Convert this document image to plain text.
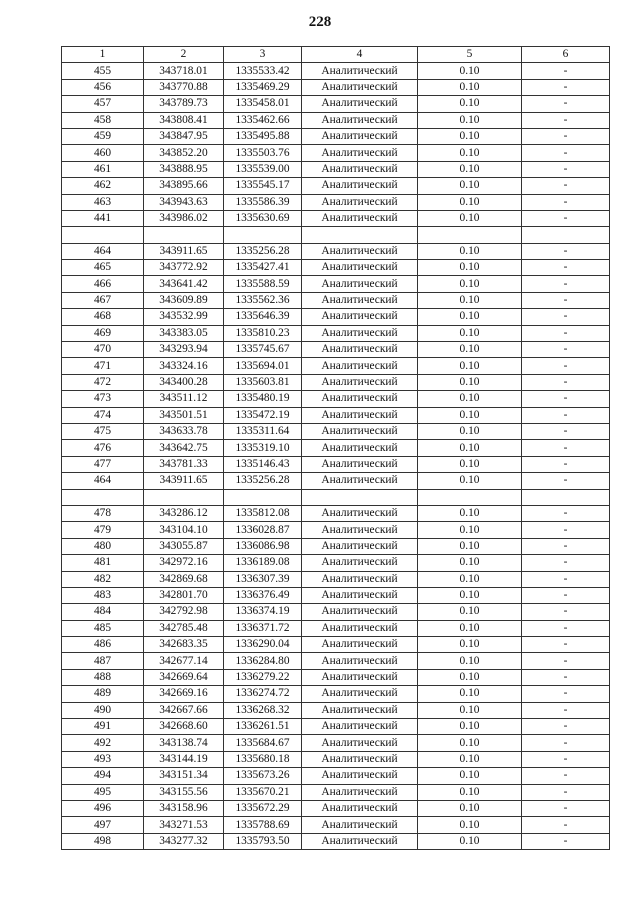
228
1	2	3	4	5	6
455	343718.01	1335533.42	Аналитический	0.10	-
456	343770.88	1335469.29	Аналитический	0.10	-
457	343789.73	1335458.01	Аналитический	0.10	-
458	343808.41	1335462.66	Аналитический	0.10	-
459	343847.95	1335495.88	Аналитический	0.10	-
460	343852.20	1335503.76	Аналитический	0.10	-
461	343888.95	1335539.00	Аналитический	0.10	-
462	343895.66	1335545.17	Аналитический	0.10	-
463	343943.63	1335586.39	Аналитический	0.10	-
441	343986.02	1335630.69	Аналитический	0.10	-

464	343911.65	1335256.28	Аналитический	0.10	-
465	343772.92	1335427.41	Аналитический	0.10	-
466	343641.42	1335588.59	Аналитический	0.10	-
467	343609.89	1335562.36	Аналитический	0.10	-
468	343532.99	1335646.39	Аналитический	0.10	-
469	343383.05	1335810.23	Аналитический	0.10	-
470	343293.94	1335745.67	Аналитический	0.10	-
471	343324.16	1335694.01	Аналитический	0.10	-
472	343400.28	1335603.81	Аналитический	0.10	-
473	343511.12	1335480.19	Аналитический	0.10	-
474	343501.51	1335472.19	Аналитический	0.10	-
475	343633.78	1335311.64	Аналитический	0.10	-
476	343642.75	1335319.10	Аналитический	0.10	-
477	343781.33	1335146.43	Аналитический	0.10	-
464	343911.65	1335256.28	Аналитический	0.10	-

478	343286.12	1335812.08	Аналитический	0.10	-
479	343104.10	1336028.87	Аналитический	0.10	-
480	343055.87	1336086.98	Аналитический	0.10	-
481	342972.16	1336189.08	Аналитический	0.10	-
482	342869.68	1336307.39	Аналитический	0.10	-
483	342801.70	1336376.49	Аналитический	0.10	-
484	342792.98	1336374.19	Аналитический	0.10	-
485	342785.48	1336371.72	Аналитический	0.10	-
486	342683.35	1336290.04	Аналитический	0.10	-
487	342677.14	1336284.80	Аналитический	0.10	-
488	342669.64	1336279.22	Аналитический	0.10	-
489	342669.16	1336274.72	Аналитический	0.10	-
490	342667.66	1336268.32	Аналитический	0.10	-
491	342668.60	1336261.51	Аналитический	0.10	-
492	343138.74	1335684.67	Аналитический	0.10	-
493	343144.19	1335680.18	Аналитический	0.10	-
494	343151.34	1335673.26	Аналитический	0.10	-
495	343155.56	1335670.21	Аналитический	0.10	-
496	343158.96	1335672.29	Аналитический	0.10	-
497	343271.53	1335788.69	Аналитический	0.10	-
498	343277.32	1335793.50	Аналитический	0.10	-
